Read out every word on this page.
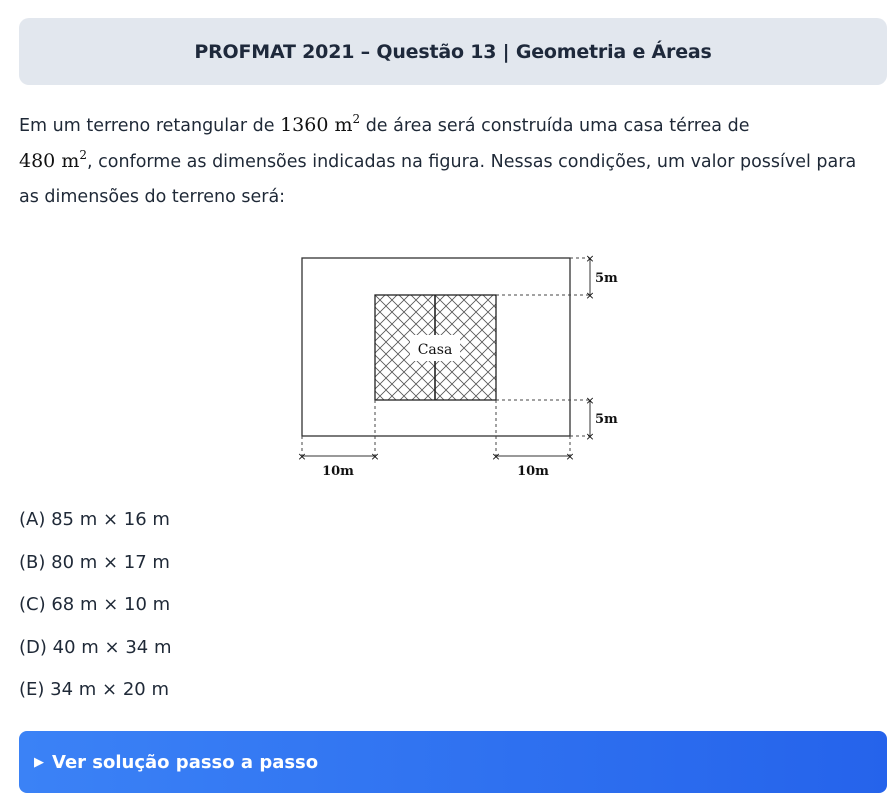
PROFMAT 2021 – Questão 13 | Geometria e Áreas
Em um terreno retangular de 1360 $m^2$ de área será construída uma casa térrea de
480 $m^2$, conforme as dimensões indicadas na figura. Nessas condições, um valor possível para as dimensões do terreno será:
Casa
×
×
×
×
5m
5m
×	×	×	×
10m	10m
(A) 85 m × 16 m
(B) 80 m × 17 m
(C) 68 m × 10 m
(D) 40 m × 34 m
(E) 34 m × 20 m
▶ Ver solução passo a passo
